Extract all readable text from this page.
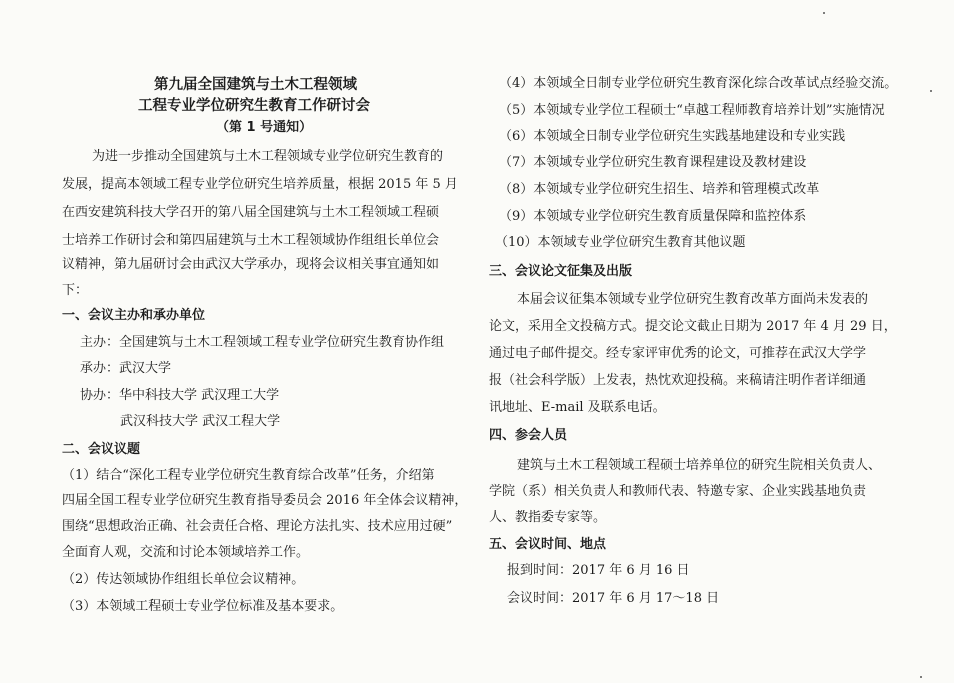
第九届全国建筑与土木工程领域
工程专业学位研究生教育工作研讨会
（第 1 号通知）
为进一步推动全国建筑与土木工程领域专业学位研究生教育的
发展，提高本领域工程专业学位研究生培养质量，根据 2015 年 5 月
在西安建筑科技大学召开的第八届全国建筑与土木工程领域工程硕
士培养工作研讨会和第四届建筑与土木工程领域协作组组长单位会
议精神，第九届研讨会由武汉大学承办，现将会议相关事宜通知如
下：
一、会议主办和承办单位
主办：全国建筑与土木工程领域工程专业学位研究生教育协作组
承办：武汉大学
协办：华中科技大学 武汉理工大学
武汉科技大学 武汉工程大学
二、会议议题
（1）结合“深化工程专业学位研究生教育综合改革”任务，介绍第
四届全国工程专业学位研究生教育指导委员会 2016 年全体会议精神，
围绕“思想政治正确、社会责任合格、理论方法扎实、技术应用过硬”
全面育人观，交流和讨论本领域培养工作。
（2）传达领域协作组组长单位会议精神。
（3）本领域工程硕士专业学位标准及基本要求。
（4）本领域全日制专业学位研究生教育深化综合改革试点经验交流。
（5）本领域专业学位工程硕士“卓越工程师教育培养计划”实施情况
（6）本领域全日制专业学位研究生实践基地建设和专业实践
（7）本领域专业学位研究生教育课程建设及教材建设
（8）本领域专业学位研究生招生、培养和管理模式改革
（9）本领域专业学位研究生教育质量保障和监控体系
（10）本领域专业学位研究生教育其他议题
三、会议论文征集及出版
本届会议征集本领域专业学位研究生教育改革方面尚未发表的
论文，采用全文投稿方式。提交论文截止日期为 2017 年 4 月 29 日，
通过电子邮件提交。经专家评审优秀的论文，可推荐在武汉大学学
报（社会科学版）上发表，热忱欢迎投稿。来稿请注明作者详细通
讯地址、E-mail 及联系电话。
四、参会人员
建筑与土木工程领域工程硕士培养单位的研究生院相关负责人、
学院（系）相关负责人和教师代表、特邀专家、企业实践基地负责
人、教指委专家等。
五、会议时间、地点
报到时间：2017 年 6 月 16 日
会议时间：2017 年 6 月 17～18 日
